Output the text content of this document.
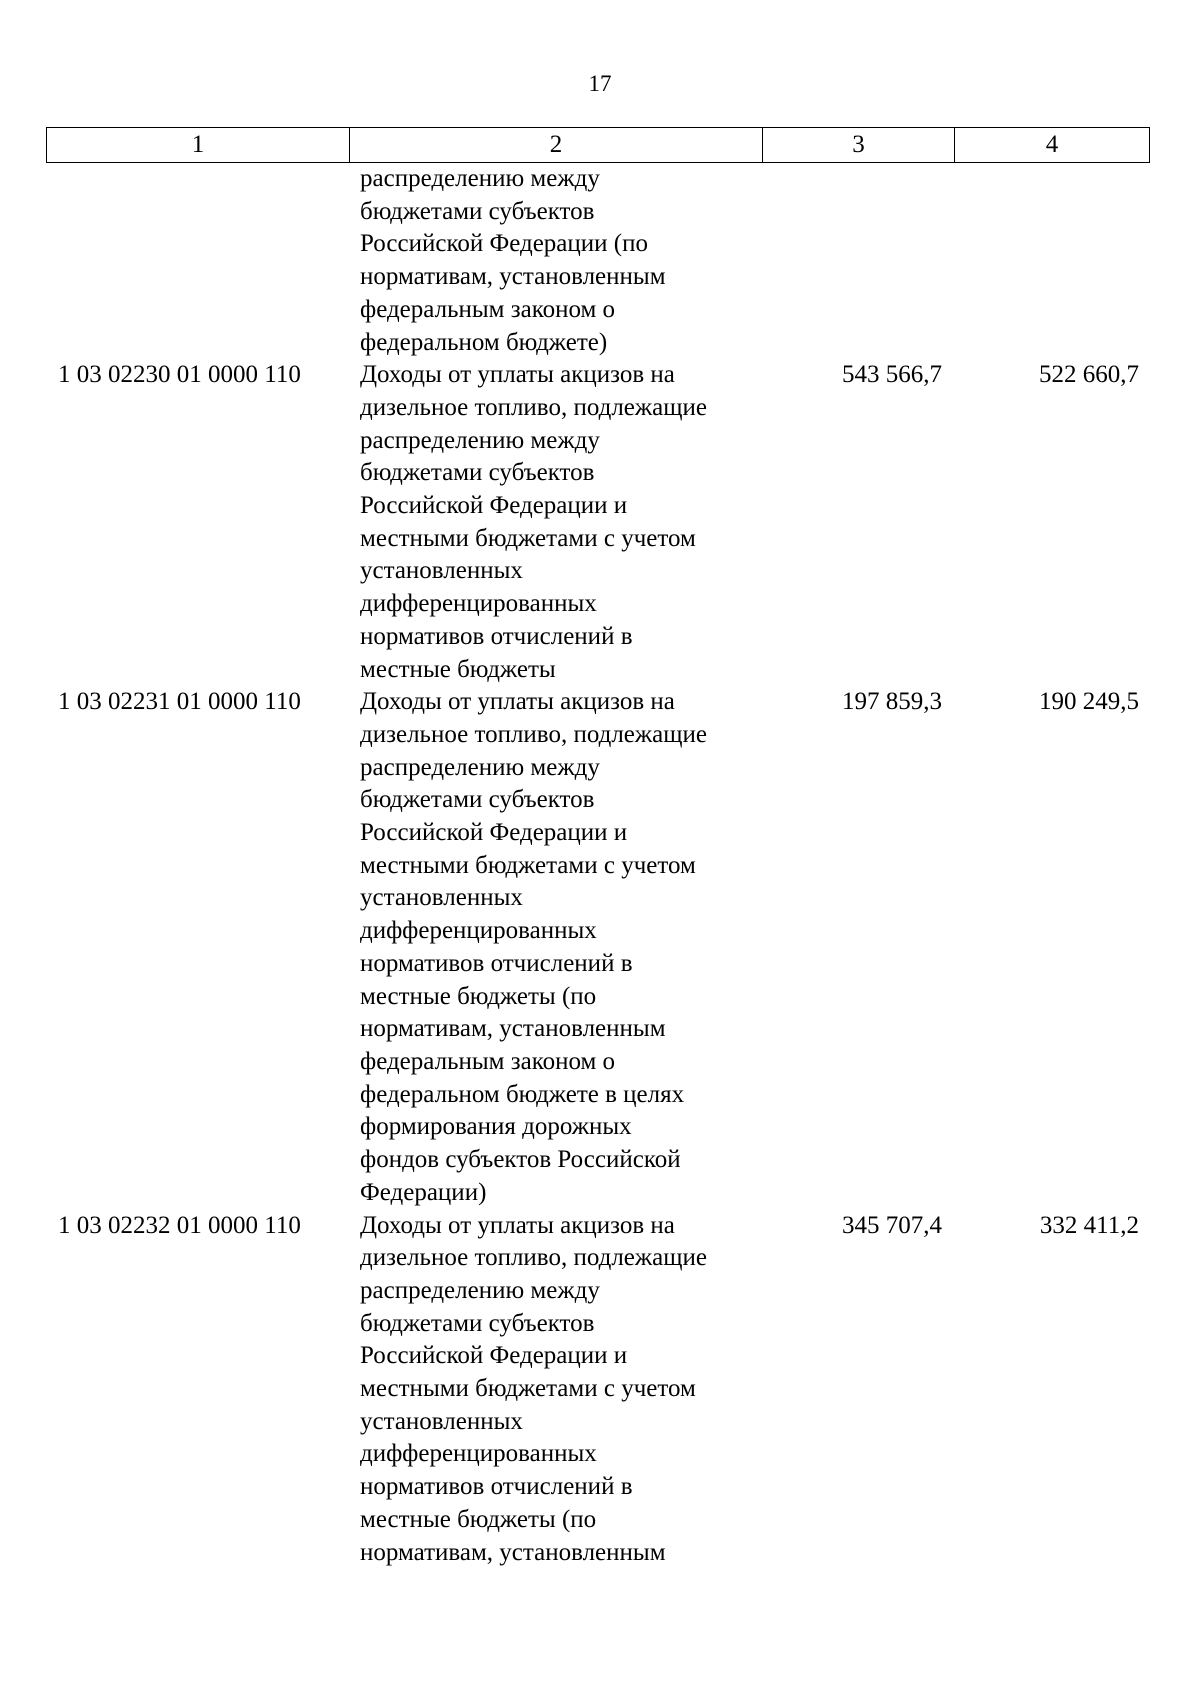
17
1	2	3	4
распределению между
бюджетами субъектов
Российской Федерации (по
нормативам, установленным
федеральным законом о
федеральном бюджете)
1 03 02230 01 0000 110	Доходы от уплаты акцизов на
дизельное топливо, подлежащие
распределению между
бюджетами субъектов
Российской Федерации и
местными бюджетами с учетом
установленных
дифференцированных
нормативов отчислений в
местные бюджеты
543 566,7	522 660,7
1 03 02231 01 0000 110	Доходы от уплаты акцизов на
дизельное топливо, подлежащие
распределению между
бюджетами субъектов
Российской Федерации и
местными бюджетами с учетом
установленных
дифференцированных
нормативов отчислений в
местные бюджеты (по
нормативам, установленным
федеральным законом о
федеральном бюджете в целях
формирования дорожных
фондов субъектов Российской
Федерации)
197 859,3	190 249,5
1 03 02232 01 0000 110	Доходы от уплаты акцизов на
дизельное топливо, подлежащие
распределению между
бюджетами субъектов
Российской Федерации и
местными бюджетами с учетом
установленных
дифференцированных
нормативов отчислений в
местные бюджеты (по
нормативам, установленным
345 707,4	332 411,2
